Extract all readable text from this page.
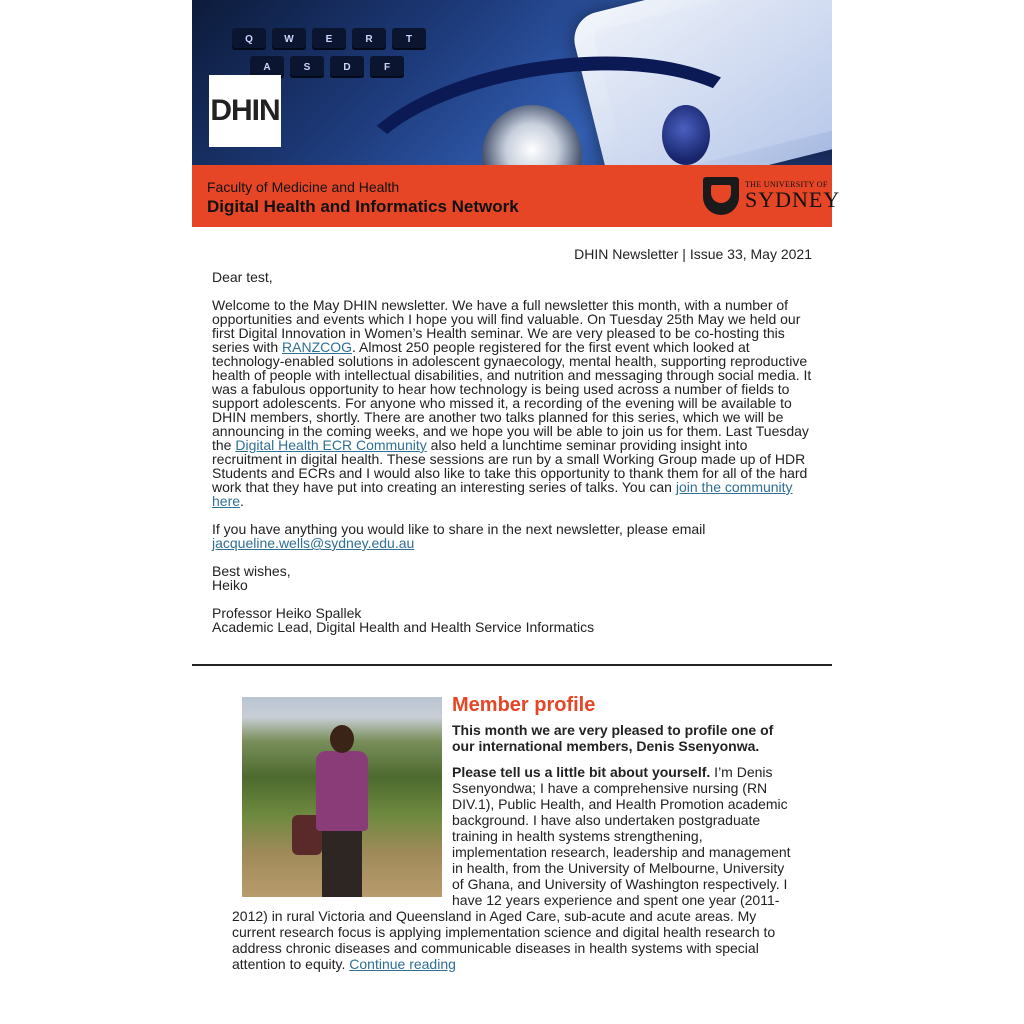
Q	W	E	R	T
A	S	D	F
DHIN
Faculty of Medicine and Health
Digital Health and Informatics Network
THE UNIVERSITY OF
SYDNEY
DHIN Newsletter | Issue 33, May 2021

Dear test,

Welcome to the May DHIN newsletter. We have a full newsletter this month, with a number of opportunities and events which I hope you will find valuable. On Tuesday 25th May we held our first Digital Innovation in Women’s Health seminar. We are very pleased to be co-hosting this series with RANZCOG. Almost 250 people registered for the first event which looked at technology-enabled solutions in adolescent gynaecology, mental health, supporting reproductive health of people with intellectual disabilities, and nutrition and messaging through social media. It was a fabulous opportunity to hear how technology is being used across a number of fields to support adolescents. For anyone who missed it, a recording of the evening will be available to DHIN members, shortly. There are another two talks planned for this series, which we will be announcing in the coming weeks, and we hope you will be able to join us for them. Last Tuesday the Digital Health ECR Community also held a lunchtime seminar providing insight into recruitment in digital health. These sessions are run by a small Working Group made up of HDR Students and ECRs and I would also like to take this opportunity to thank them for all of the hard work that they have put into creating an interesting series of talks. You can join the community here.

If you have anything you would like to share in the next newsletter, please email jacqueline.wells@sydney.edu.au

Best wishes,
Heiko

Professor Heiko Spallek
Academic Lead, Digital Health and Health Service Informatics

Member profile

This month we are very pleased to profile one of our international members, Denis Ssenyonwa.

Please tell us a little bit about yourself. I’m Denis Ssenyondwa; I have a comprehensive nursing (RN DIV.1), Public Health, and Health Promotion academic background. I have also undertaken postgraduate training in health systems strengthening, implementation research, leadership and management in health, from the University of Melbourne, University of Ghana, and University of Washington respectively. I have 12 years experience and spent one year (2011-2012) in rural Victoria and Queensland in Aged Care, sub-acute and acute areas. My current research focus is applying implementation science and digital health research to address chronic diseases and communicable diseases in health systems with special attention to equity. Continue reading
